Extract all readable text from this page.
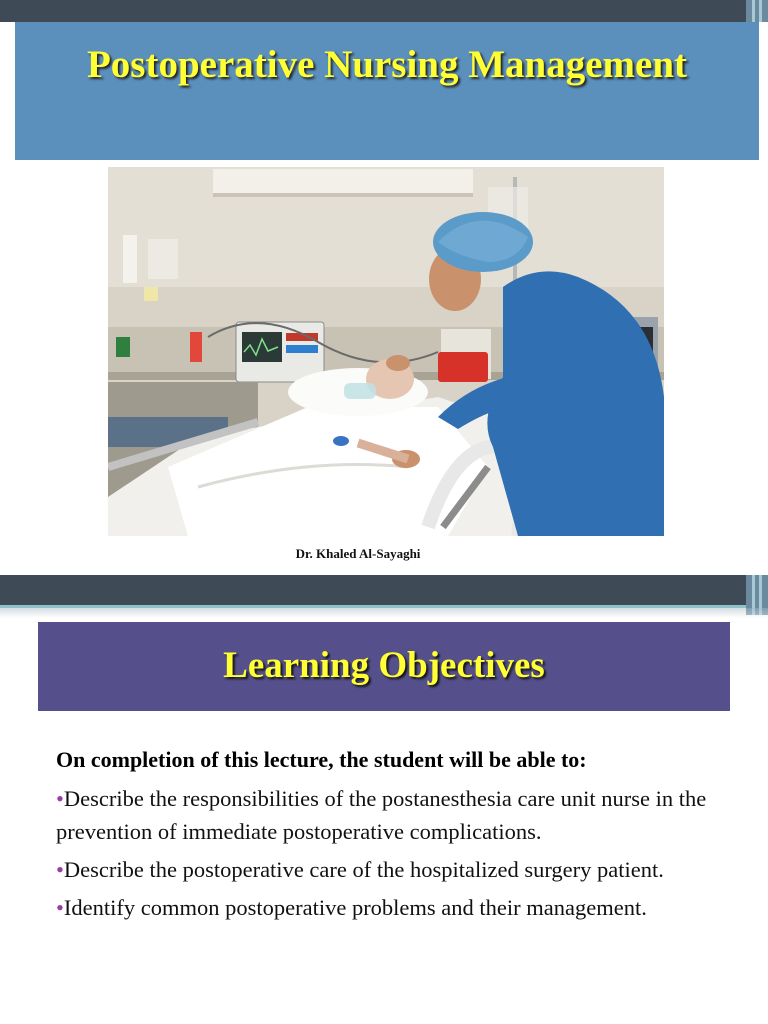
Postoperative Nursing Management
Dr. Khaled Al-Sayaghi
Learning Objectives
On completion of this lecture, the student will be able to:
•Describe the responsibilities of the postanesthesia care unit nurse in the prevention of immediate postoperative complications.
•Describe the postoperative care of the hospitalized surgery patient.
•Identify common postoperative problems and their management.
